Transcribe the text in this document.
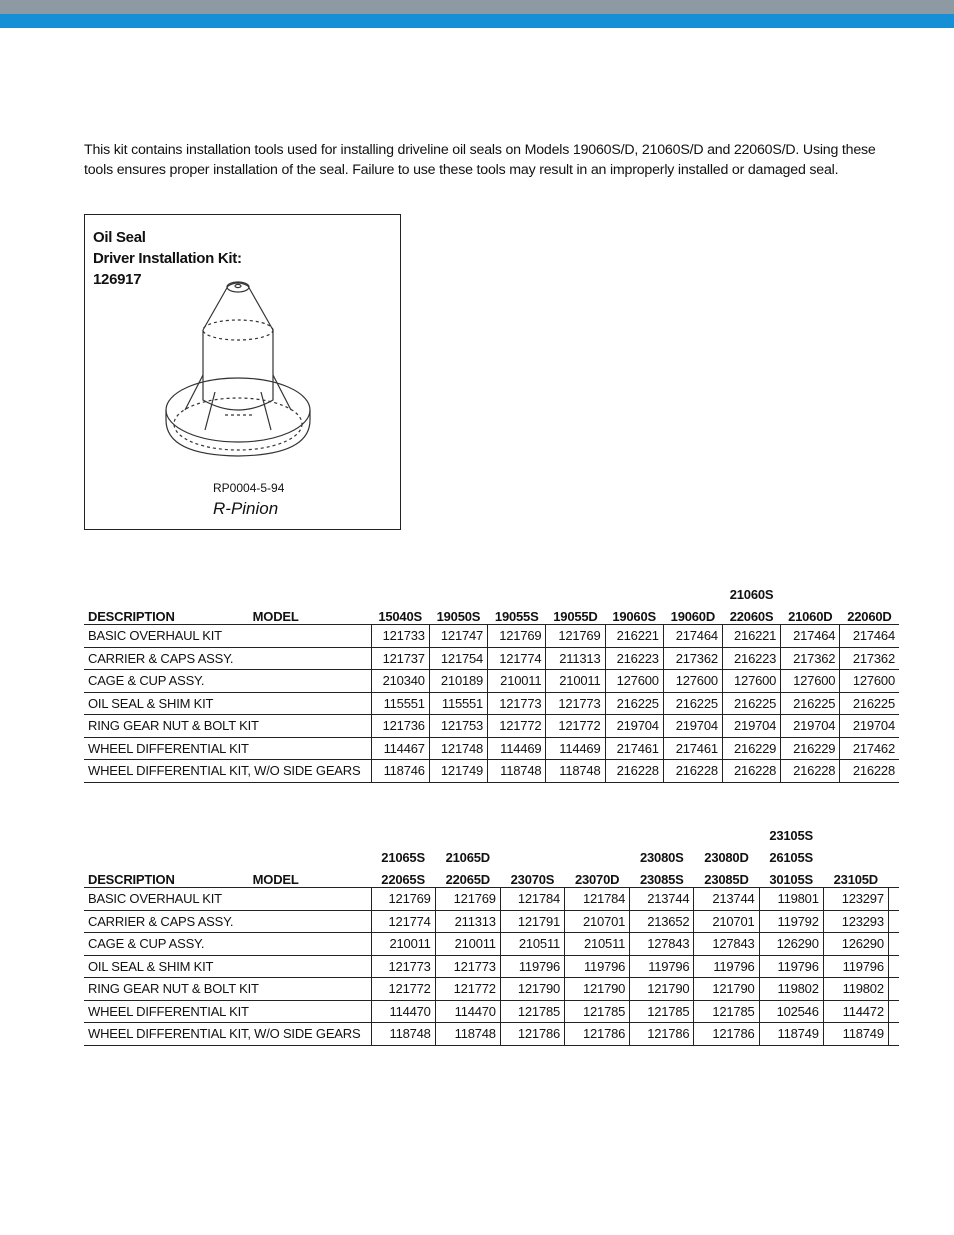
This kit contains installation tools used for installing driveline oil seals on Models 19060S/D, 21060S/D and 22060S/D. Using these tools ensures proper installation of the seal. Failure to use these tools may result in an improperly installed or damaged seal.
Oil Seal
Driver Installation Kit:
126917
RP0004-5-94
R-Pinion
							21060S		
DESCRIPTION MODEL	15040S	19050S	19055S	19055D	19060S	19060D	22060S	21060D	22060D
BASIC OVERHAUL KIT	121733	121747	121769	121769	216221	217464	216221	217464	217464
CARRIER & CAPS ASSY.	121737	121754	121774	211313	216223	217362	216223	217362	217362
CAGE & CUP ASSY.	210340	210189	210011	210011	127600	127600	127600	127600	127600
OIL SEAL & SHIM KIT	115551	115551	121773	121773	216225	216225	216225	216225	216225
RING GEAR NUT & BOLT KIT	121736	121753	121772	121772	219704	219704	219704	219704	219704
WHEEL DIFFERENTIAL KIT	114467	121748	114469	114469	217461	217461	216229	216229	217462
WHEEL DIFFERENTIAL KIT, W/O SIDE GEARS	118746	121749	118748	118748	216228	216228	216228	216228	216228
							23105S		
	21065S	21065D			23080S	23080D	26105S		
DESCRIPTION MODEL	22065S	22065D	23070S	23070D	23085S	23085D	30105S	23105D	
BASIC OVERHAUL KIT	121769	121769	121784	121784	213744	213744	119801	123297	
CARRIER & CAPS ASSY.	121774	211313	121791	210701	213652	210701	119792	123293	
CAGE & CUP ASSY.	210011	210011	210511	210511	127843	127843	126290	126290	
OIL SEAL & SHIM KIT	121773	121773	119796	119796	119796	119796	119796	119796	
RING GEAR NUT & BOLT KIT	121772	121772	121790	121790	121790	121790	119802	119802	
WHEEL DIFFERENTIAL KIT	114470	114470	121785	121785	121785	121785	102546	114472	
WHEEL DIFFERENTIAL KIT, W/O SIDE GEARS	118748	118748	121786	121786	121786	121786	118749	118749	
